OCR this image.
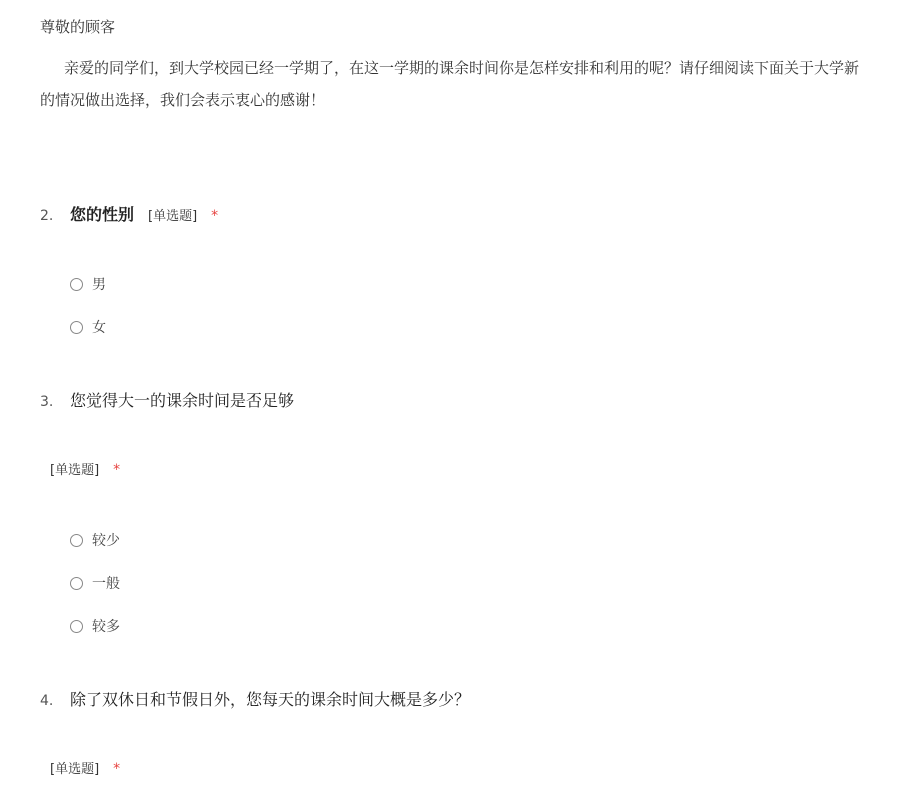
尊敬的顾客
亲爱的同学们，到大学校园已经一学期了，在这一学期的课余时间你是怎样安排和利用的呢？请仔细阅读下面关于大学新
的情况做出选择，我们会表示衷心的感谢！
2.	您的性别 [单选题] *
男
女
3.	您觉得大一的课余时间是否足够
[单选题] *
较少
一般
较多
4.	除了双休日和节假日外，您每天的课余时间大概是多少？
[单选题] *
